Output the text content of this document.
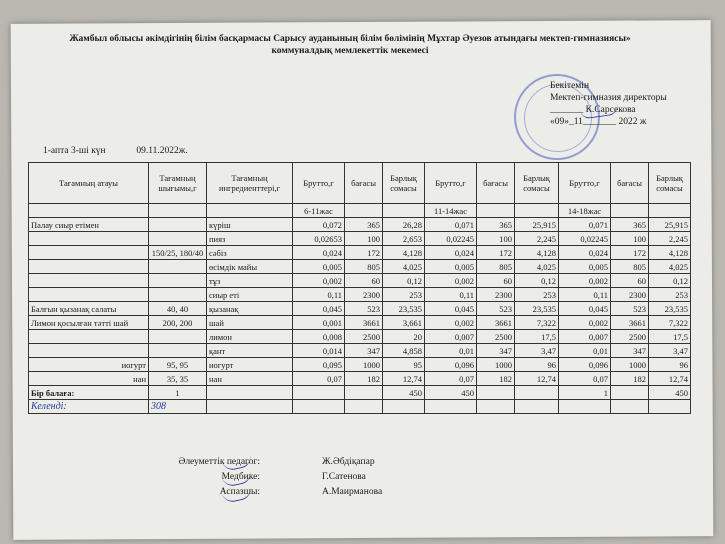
Жамбыл облысы әкімдігінің білім басқармасы Сарысу ауданының білім бөлімінің Мұхтар Әуезов атындағы мектеп-гимназиясы»
коммуналдық мемлекеттік мекемесі
Бекітемін
Мектеп-гимназия директоры
_______ К.Сарсекова
«09»_11_______ 2022 ж
1-апта 3-ші күн	09.11.2022ж.
Тағамның атауы	Тағамның шығымы,г	Тағамның ингредиенттері,г	Брутто,г	бағасы	Барлық сомасы	Брутто,г	бағасы	Барлық сомасы	Брутто,г	бағасы	Барлық сомасы
			6-11жас			11-14жас			14-18жас		
Палау сиыр етімен		күріш	0,072	365	26,28	0,071	365	25,915	0,071	365	25,915
		пияз	0,02653	100	2,653	0,02245	100	2,245	0,02245	100	2,245
	150/25, 180/40	сәбіз	0,024	172	4,128	0,024	172	4,128	0,024	172	4,128
		өсімдік майы	0,005	805	4,025	0,005	805	4,025	0,005	805	4,025
		тұз	0,002	60	0,12	0,002	60	0,12	0,002	60	0,12
		сиыр еті	0,11	2300	253	0,11	2300	253	0,11	2300	253
Балғын қызанақ салаты	40, 40	қызанақ	0,045	523	23,535	0,045	523	23,535	0,045	523	23,535
Лимон қосылған тәтті шай	200, 200	шай	0,001	3661	3,661	0,002	3661	7,322	0,002	3661	7,322
		лимон	0,008	2500	20	0,007	2500	17,5	0,007	2500	17,5
		қант	0,014	347	4,858	0,01	347	3,47	0,01	347	3,47
иогурт	95, 95	иогурт	0,095	1000	95	0,096	1000	96	0,096	1000	96
нан	35, 35	нан	0,07	182	12,74	0,07	182	12,74	0,07	182	12,74
Бір балаға:	1				450	450			1		450
Келенді:	308										
Әлеуметтік педагог:	Ж.Әбдіқапар
Медбике:	Г.Сатенова
Аспазшы:	А.Маирманова
